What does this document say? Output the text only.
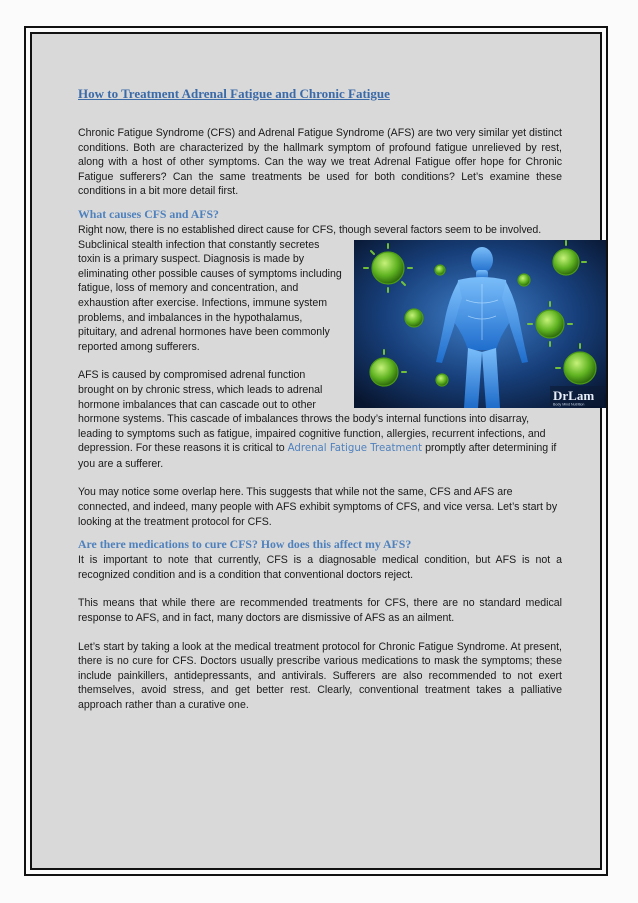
How to Treatment Adrenal Fatigue and Chronic Fatigue

Chronic Fatigue Syndrome (CFS) and Adrenal Fatigue Syndrome (AFS) are two very similar yet distinct conditions. Both are characterized by the hallmark symptom of profound fatigue unrelieved by rest, along with a host of other symptoms. Can the way we treat Adrenal Fatigue offer hope for Chronic Fatigue sufferers? Can the same treatments be used for both conditions? Let’s examine these conditions in a bit more detail first.

What causes CFS and AFS?

Right now, there is no established direct cause for CFS, though several factors seem to be involved.

DrLam
Body Mind Nutrition

Subclinical stealth infection that constantly secretes toxin is a primary suspect. Diagnosis is made by eliminating other possible causes of symptoms including fatigue, loss of memory and concentration, and exhaustion after exercise. Infections, immune system problems, and imbalances in the hypothalamus, pituitary, and adrenal hormones have been commonly reported among sufferers.

AFS is caused by compromised adrenal function brought on by chronic stress, which leads to adrenal hormone imbalances that can cascade out to other hormone systems. This cascade of imbalances throws the body’s internal functions into disarray, leading to symptoms such as fatigue, impaired cognitive function, allergies, recurrent infections, and depression. For these reasons it is critical to Adrenal Fatigue Treatment promptly after determining if you are a sufferer.

You may notice some overlap here. This suggests that while not the same, CFS and AFS are connected, and indeed, many people with AFS exhibit symptoms of CFS, and vice versa. Let’s start by looking at the treatment protocol for CFS.

Are there medications to cure CFS? How does this affect my AFS?

It is important to note that currently, CFS is a diagnosable medical condition, but AFS is not a recognized condition and is a condition that conventional doctors reject.

This means that while there are recommended treatments for CFS, there are no standard medical response to AFS, and in fact, many doctors are dismissive of AFS as an ailment.

Let’s start by taking a look at the medical treatment protocol for Chronic Fatigue Syndrome. At present, there is no cure for CFS. Doctors usually prescribe various medications to mask the symptoms; these include painkillers, antidepressants, and antivirals. Sufferers are also recommended to not exert themselves, avoid stress, and get better rest. Clearly, conventional treatment takes a palliative approach rather than a curative one.
